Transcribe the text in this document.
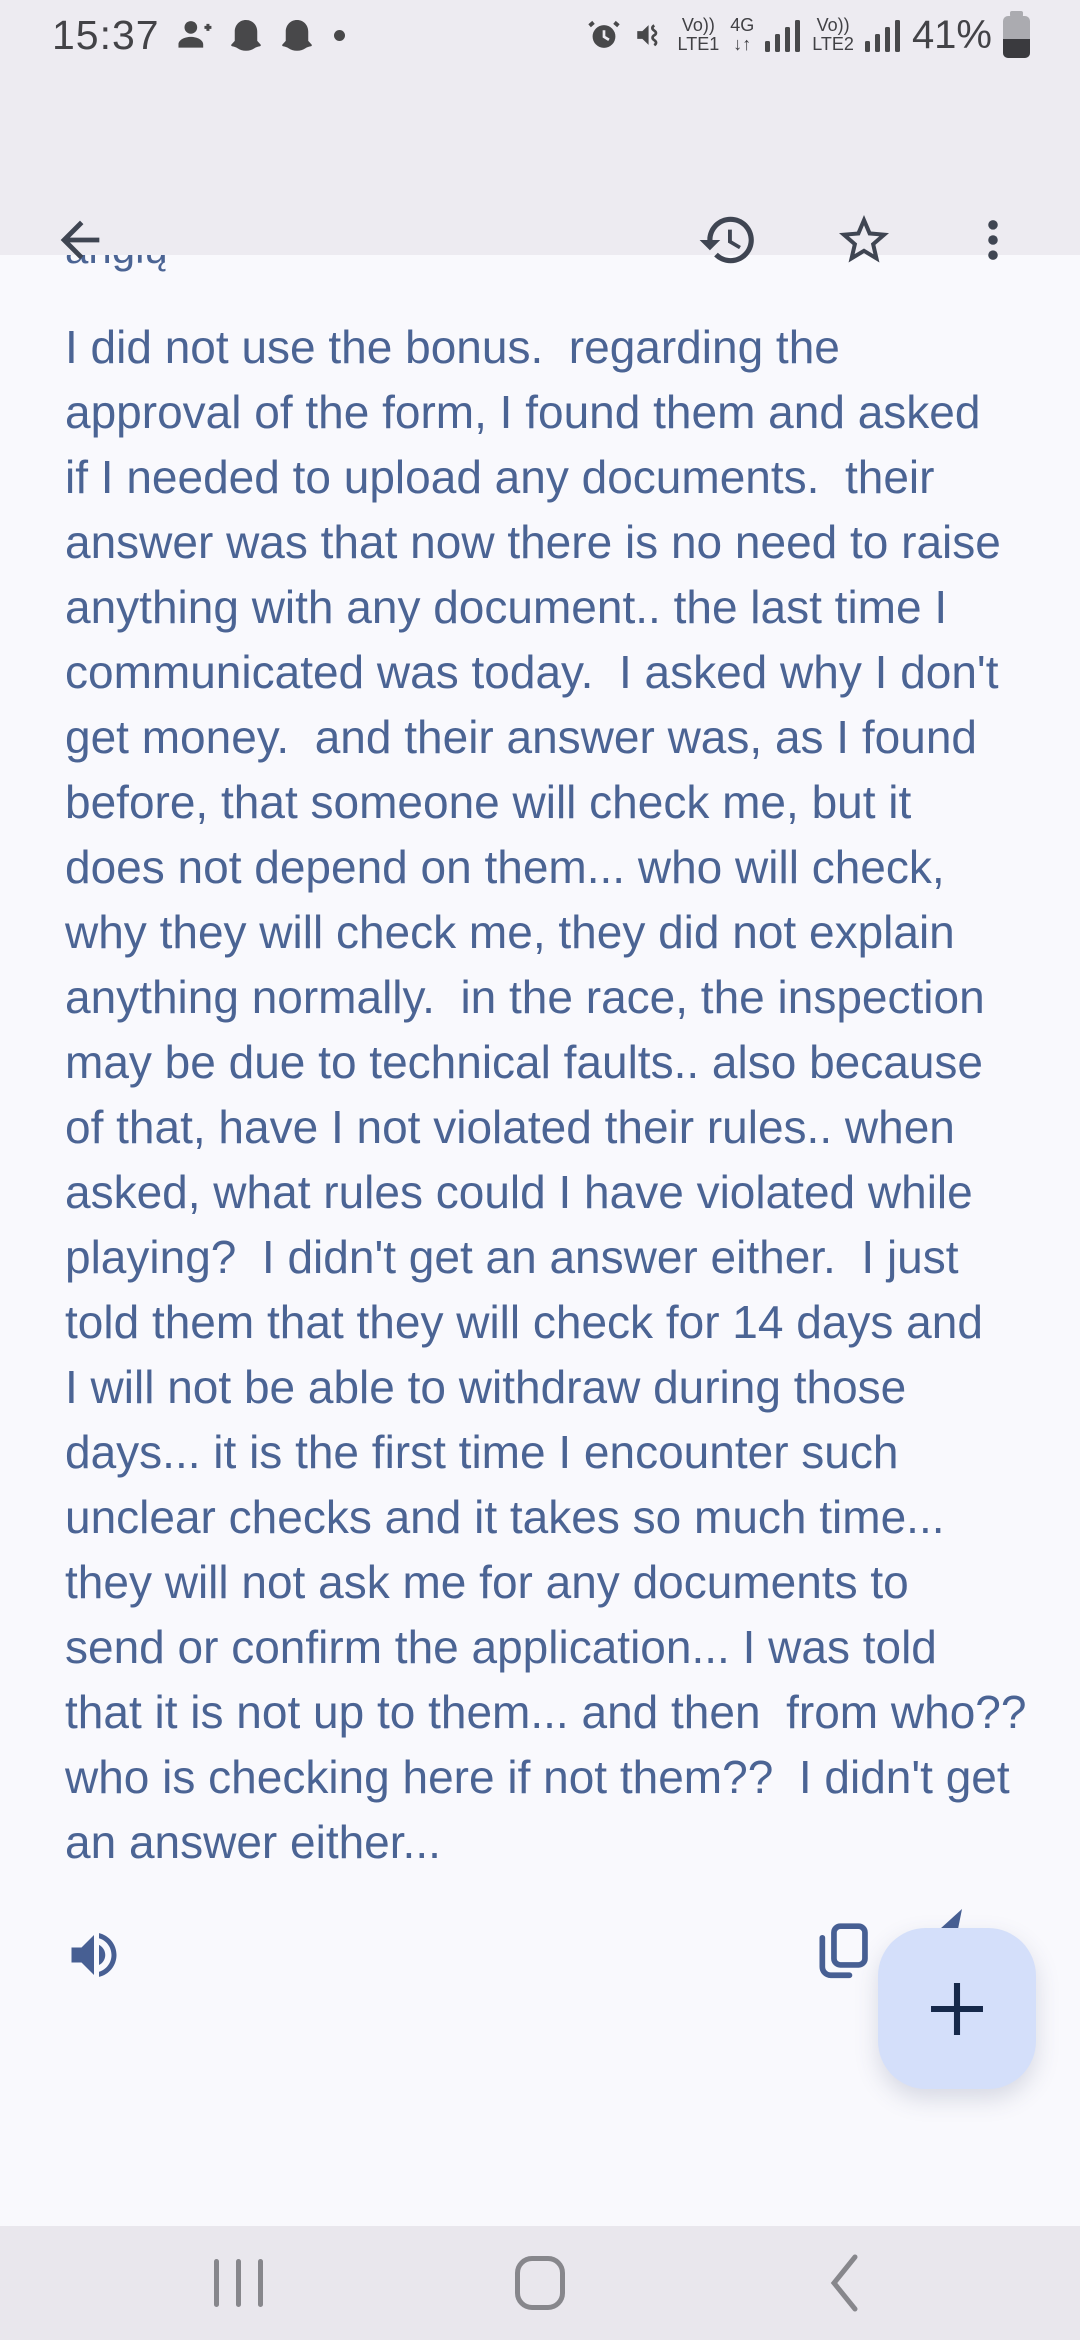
15:37	Vo))
LTE1
4G
↓↑
Vo))
LTE2 41%
I did not use the bonus.  regarding the
approval of the form, I found them and asked
if I needed to upload any documents.  their
answer was that now there is no need to raise
anything with any document.. the last time I
communicated was today.  I asked why I don't
get money.  and their answer was, as I found
before, that someone will check me, but it
does not depend on them... who will check,
why they will check me, they did not explain
anything normally.  in the race, the inspection
may be due to technical faults.. also because
of that, have I not violated their rules.. when
asked, what rules could I have violated while
playing?  I didn't get an answer either.  I just
told them that they will check for 14 days and
I will not be able to withdraw during those
days... it is the first time I encounter such
unclear checks and it takes so much time...
they will not ask me for any documents to
send or confirm the application... I was told
that it is not up to them... and then  from who??
who is checking here if not them??  I didn't get
an answer either...
